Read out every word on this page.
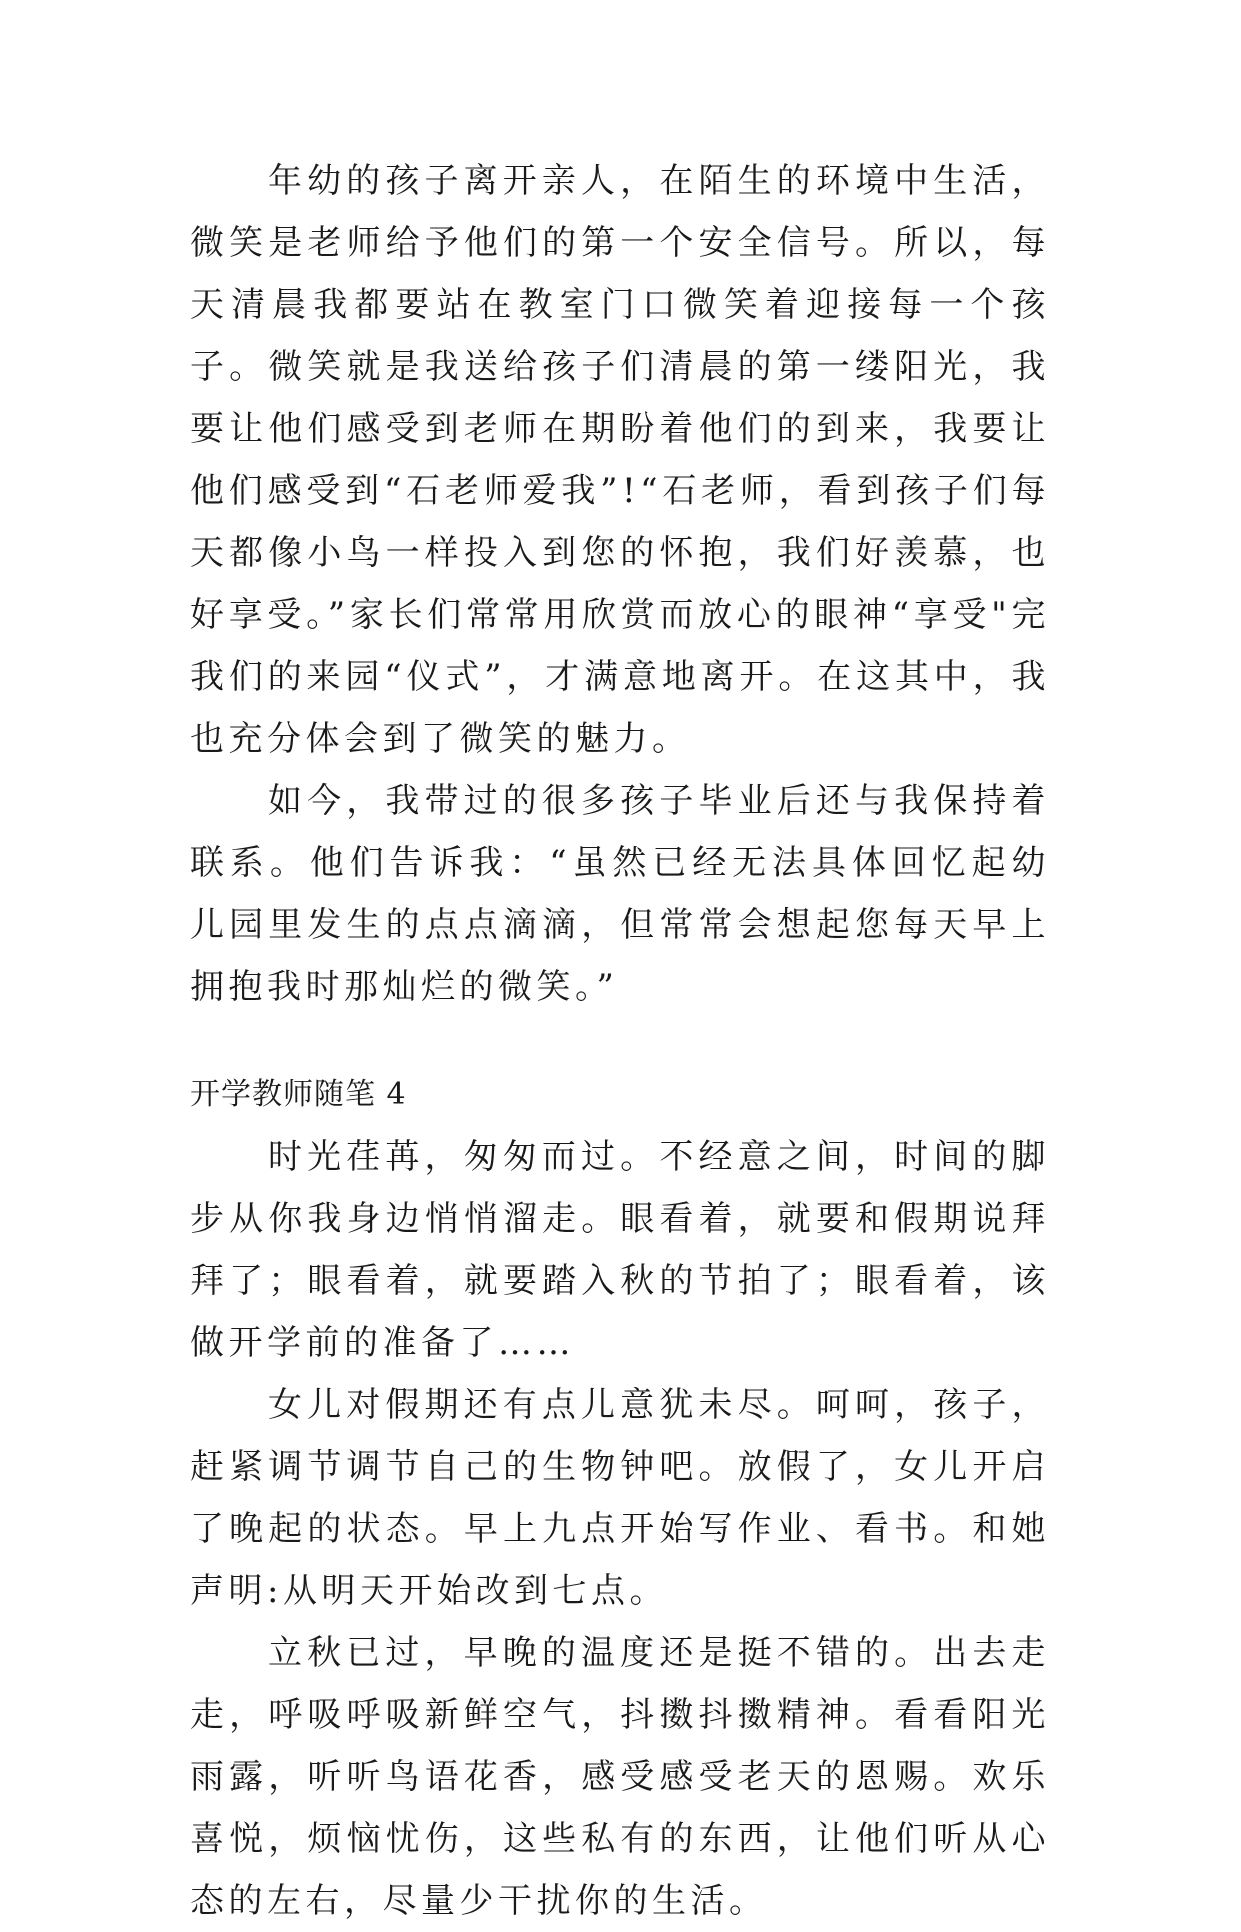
年幼的孩子离开亲人，在陌生的环境中生活，微笑是老师给予他们的第一个安全信号。所以，每天清晨我都要站在教室门口微笑着迎接每一个孩子。微笑就是我送给孩子们清晨的第一缕阳光，我要让他们感受到老师在期盼着他们的到来，我要让他们感受到“石老师爱我”!“石老师，看到孩子们每天都像小鸟一样投入到您的怀抱，我们好羡慕，也好享受。”家长们常常用欣赏而放心的眼神“享受"完我们的来园“仪式”，才满意地离开。在这其中，我也充分体会到了微笑的魅力。

如今，我带过的很多孩子毕业后还与我保持着联系。他们告诉我：“虽然已经无法具体回忆起幼儿园里发生的点点滴滴，但常常会想起您每天早上拥抱我时那灿烂的微笑。”

开学教师随笔 4

时光荏苒，匆匆而过。不经意之间，时间的脚步从你我身边悄悄溜走。眼看着，就要和假期说拜拜了；眼看着，就要踏入秋的节拍了；眼看着，该做开学前的准备了……

女儿对假期还有点儿意犹未尽。呵呵，孩子，赶紧调节调节自己的生物钟吧。放假了，女儿开启了晚起的状态。早上九点开始写作业、看书。和她声明:从明天开始改到七点。

立秋已过，早晚的温度还是挺不错的。出去走走，呼吸呼吸新鲜空气，抖擞抖擞精神。看看阳光雨露，听听鸟语花香，感受感受老天的恩赐。欢乐喜悦，烦恼忧伤，这些私有的东西，让他们听从心态的左右，尽量少干扰你的生活。
